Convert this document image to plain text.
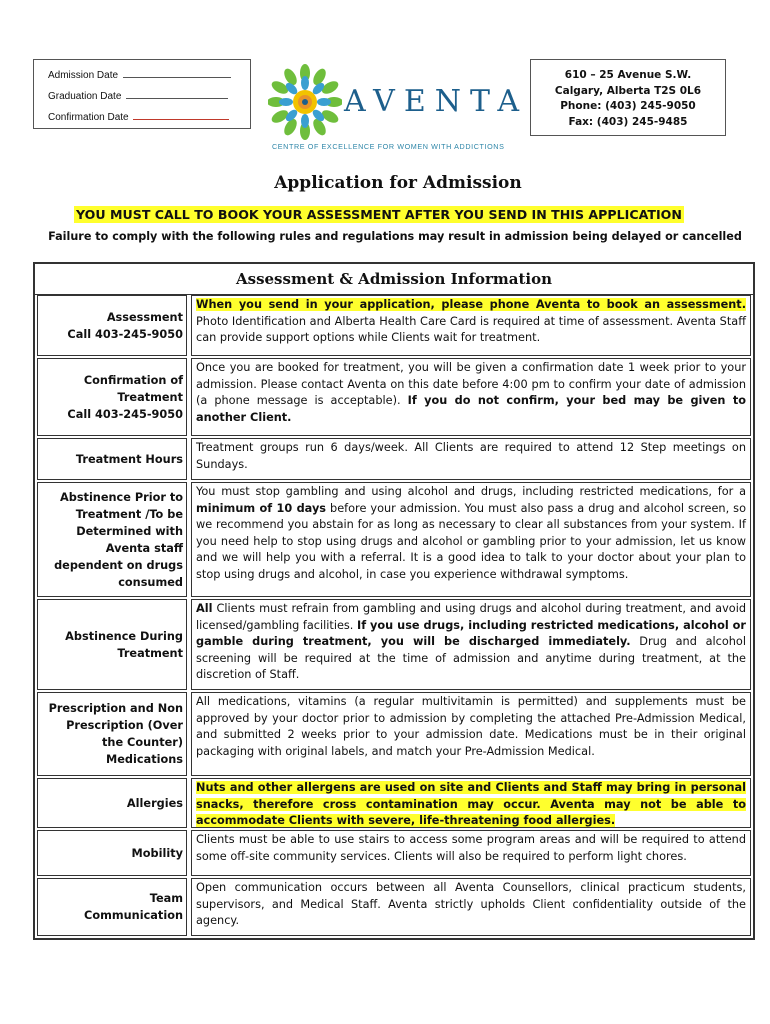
Admission Date
Graduation Date
Confirmation Date	AVENTA
CENTRE OF EXCELLENCE FOR WOMEN WITH ADDICTIONS
610 – 25 Avenue S.W.
Calgary, Alberta T2S 0L6
Phone: (403) 245-9050
Fax: (403) 245-9485
Application for Admission
YOU MUST CALL TO BOOK YOUR ASSESSMENT AFTER YOU SEND IN THIS APPLICATION
Failure to comply with the following rules and regulations may result in admission being delayed or cancelled
Assessment & Admission Information
Assessment
Call 403-245-9050
When you send in your application, please phone Aventa to book an assessment. Photo Identification and Alberta Health Care Card is required at time of assessment. Aventa Staff can provide support options while Clients wait for treatment.
Confirmation of
Treatment
Call 403-245-9050
Once you are booked for treatment, you will be given a confirmation date 1 week prior to your admission. Please contact Aventa on this date before 4:00 pm to confirm your date of admission (a phone message is acceptable). If you do not confirm, your bed may be given to another Client.
Treatment Hours
Treatment groups run 6 days/week. All Clients are required to attend 12 Step meetings on Sundays.
Abstinence Prior to
Treatment /To be
Determined with
Aventa staff
dependent on drugs
consumed
You must stop gambling and using alcohol and drugs, including restricted medications, for a minimum of 10 days before your admission. You must also pass a drug and alcohol screen, so we recommend you abstain for as long as necessary to clear all substances from your system. If you need help to stop using drugs and alcohol or gambling prior to your admission, let us know and we will help you with a referral. It is a good idea to talk to your doctor about your plan to stop using drugs and alcohol, in case you experience withdrawal symptoms.
Abstinence During
Treatment
All Clients must refrain from gambling and using drugs and alcohol during treatment, and avoid licensed/gambling facilities. If you use drugs, including restricted medications, alcohol or gamble during treatment, you will be discharged immediately. Drug and alcohol screening will be required at the time of admission and anytime during treatment, at the discretion of Staff.
Prescription and Non
Prescription (Over
the Counter)
Medications
All medications, vitamins (a regular multivitamin is permitted) and supplements must be approved by your doctor prior to admission by completing the attached Pre-Admission Medical, and submitted 2 weeks prior to your admission date. Medications must be in their original packaging with original labels, and match your Pre-Admission Medical.
Allergies
Nuts and other allergens are used on site and Clients and Staff may bring in personal snacks, therefore cross contamination may occur. Aventa may not be able to accommodate Clients with severe, life-threatening food allergies.
Mobility
Clients must be able to use stairs to access some program areas and will be required to attend some off-site community services. Clients will also be required to perform light chores.
Team
Communication
Open communication occurs between all Aventa Counsellors, clinical practicum students, supervisors, and Medical Staff. Aventa strictly upholds Client confidentiality outside of the agency.
